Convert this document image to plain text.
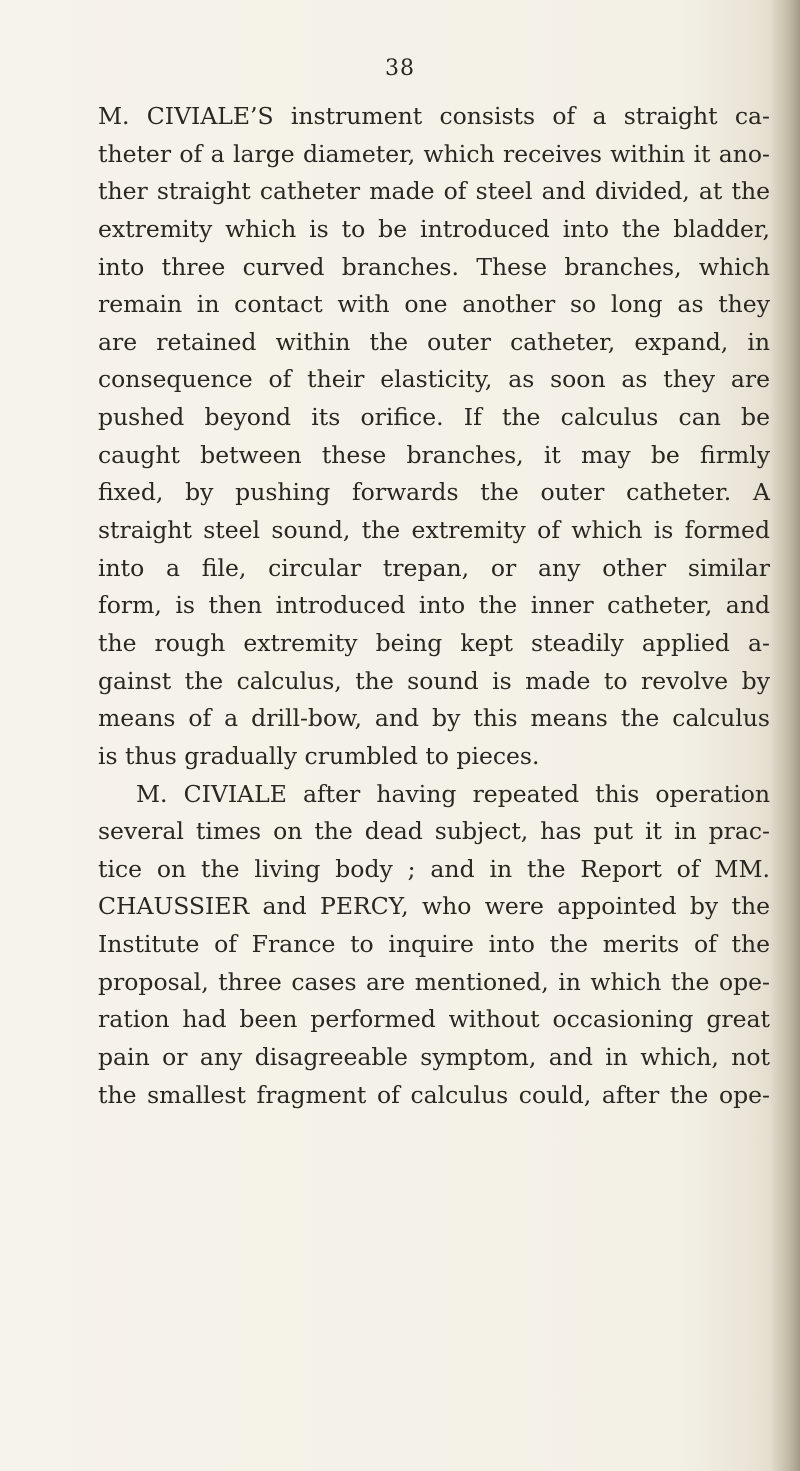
38
M. CIVIALE’S instrument consists of a straight ca-
theter of a large diameter, which receives within it ano-
ther straight catheter made of steel and divided, at the
extremity which is to be introduced into the bladder,
into three curved branches. These branches, which
remain in contact with one another so long as they
are retained within the outer catheter, expand, in
consequence of their elasticity, as soon as they are
pushed beyond its orifice. If the calculus can be
caught between these branches, it may be firmly
fixed, by pushing forwards the outer catheter. A
straight steel sound, the extremity of which is formed
into a file, circular trepan, or any other similar
form, is then introduced into the inner catheter, and
the rough extremity being kept steadily applied a-
gainst the calculus, the sound is made to revolve by
means of a drill-bow, and by this means the calculus
is thus gradually crumbled to pieces.
M. CIVIALE after having repeated this operation
several times on the dead subject, has put it in prac-
tice on the living body ; and in the Report of MM.
CHAUSSIER and PERCY, who were appointed by the
Institute of France to inquire into the merits of the
proposal, three cases are mentioned, in which the ope-
ration had been performed without occasioning great
pain or any disagreeable symptom, and in which, not
the smallest fragment of calculus could, after the ope-
